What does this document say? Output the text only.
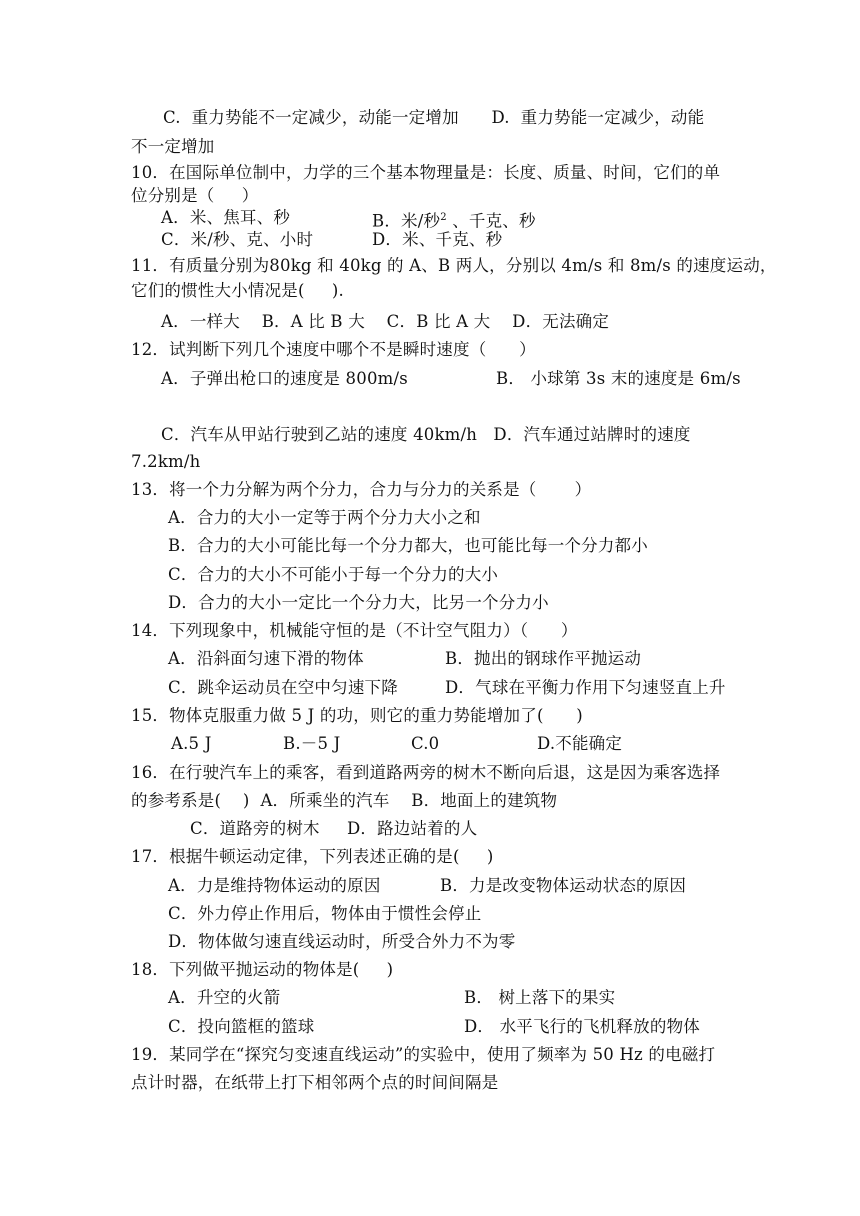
C.  重力势能不一定减少，动能一定增加      D.  重力势能一定减少，动能
不一定增加
10．在国际单位制中，力学的三个基本物理量是：长度、质量、时间，它们的单
位分别是（     ）
A．米、焦耳、秒	B．米/秒$^2$ 、千克、秒
C．米/秒、克、小时	D．米、千克、秒
11．有质量分别为80kg 和 40kg 的 A、B 两人，分别以 4m/s 和 8m/s 的速度运动，
它们的惯性大小情况是(     ).
A．一样大    B．A 比 B 大    C．B 比 A 大    D．无法确定
12．试判断下列几个速度中哪个不是瞬时速度（      ）
A．子弹出枪口的速度是 800m/s	B． 小球第 3s 末的速度是 6m/s
C．汽车从甲站行驶到乙站的速度 40km/h   D．汽车通过站牌时的速度
7.2km/h
13．将一个力分解为两个分力，合力与分力的关系是（       ）
A．合力的大小一定等于两个分力大小之和
B．合力的大小可能比每一个分力都大，也可能比每一个分力都小
C．合力的大小不可能小于每一个分力的大小
D．合力的大小一定比一个分力大，比另一个分力小
14．下列现象中，机械能守恒的是（不计空气阻力）（      ）
A．沿斜面匀速下滑的物体	B．抛出的钢球作平抛运动
C．跳伞运动员在空中匀速下降	D．气球在平衡力作用下匀速竖直上升
15．物体克服重力做 5 J 的功，则它的重力势能增加了(      )
A.5 J	B.－5 J	C.0	D.不能确定
16．在行驶汽车上的乘客，看到道路两旁的树木不断向后退，这是因为乘客选择
的参考系是(    )  A．所乘坐的汽车    B．地面上的建筑物
C．道路旁的树木     D．路边站着的人
17．根据牛顿运动定律，下列表述正确的是(     )
A．力是维持物体运动的原因	B．力是改变物体运动状态的原因
C．外力停止作用后，物体由于惯性会停止
D．物体做匀速直线运动时，所受合外力不为零
18．下列做平抛运动的物体是(     )
A．升空的火箭	B． 树上落下的果实
C．投向篮框的篮球	D． 水平飞行的飞机释放的物体
19．某同学在“探究匀变速直线运动”的实验中，使用了频率为 50 Hz 的电磁打
点计时器，在纸带上打下相邻两个点的时间间隔是
